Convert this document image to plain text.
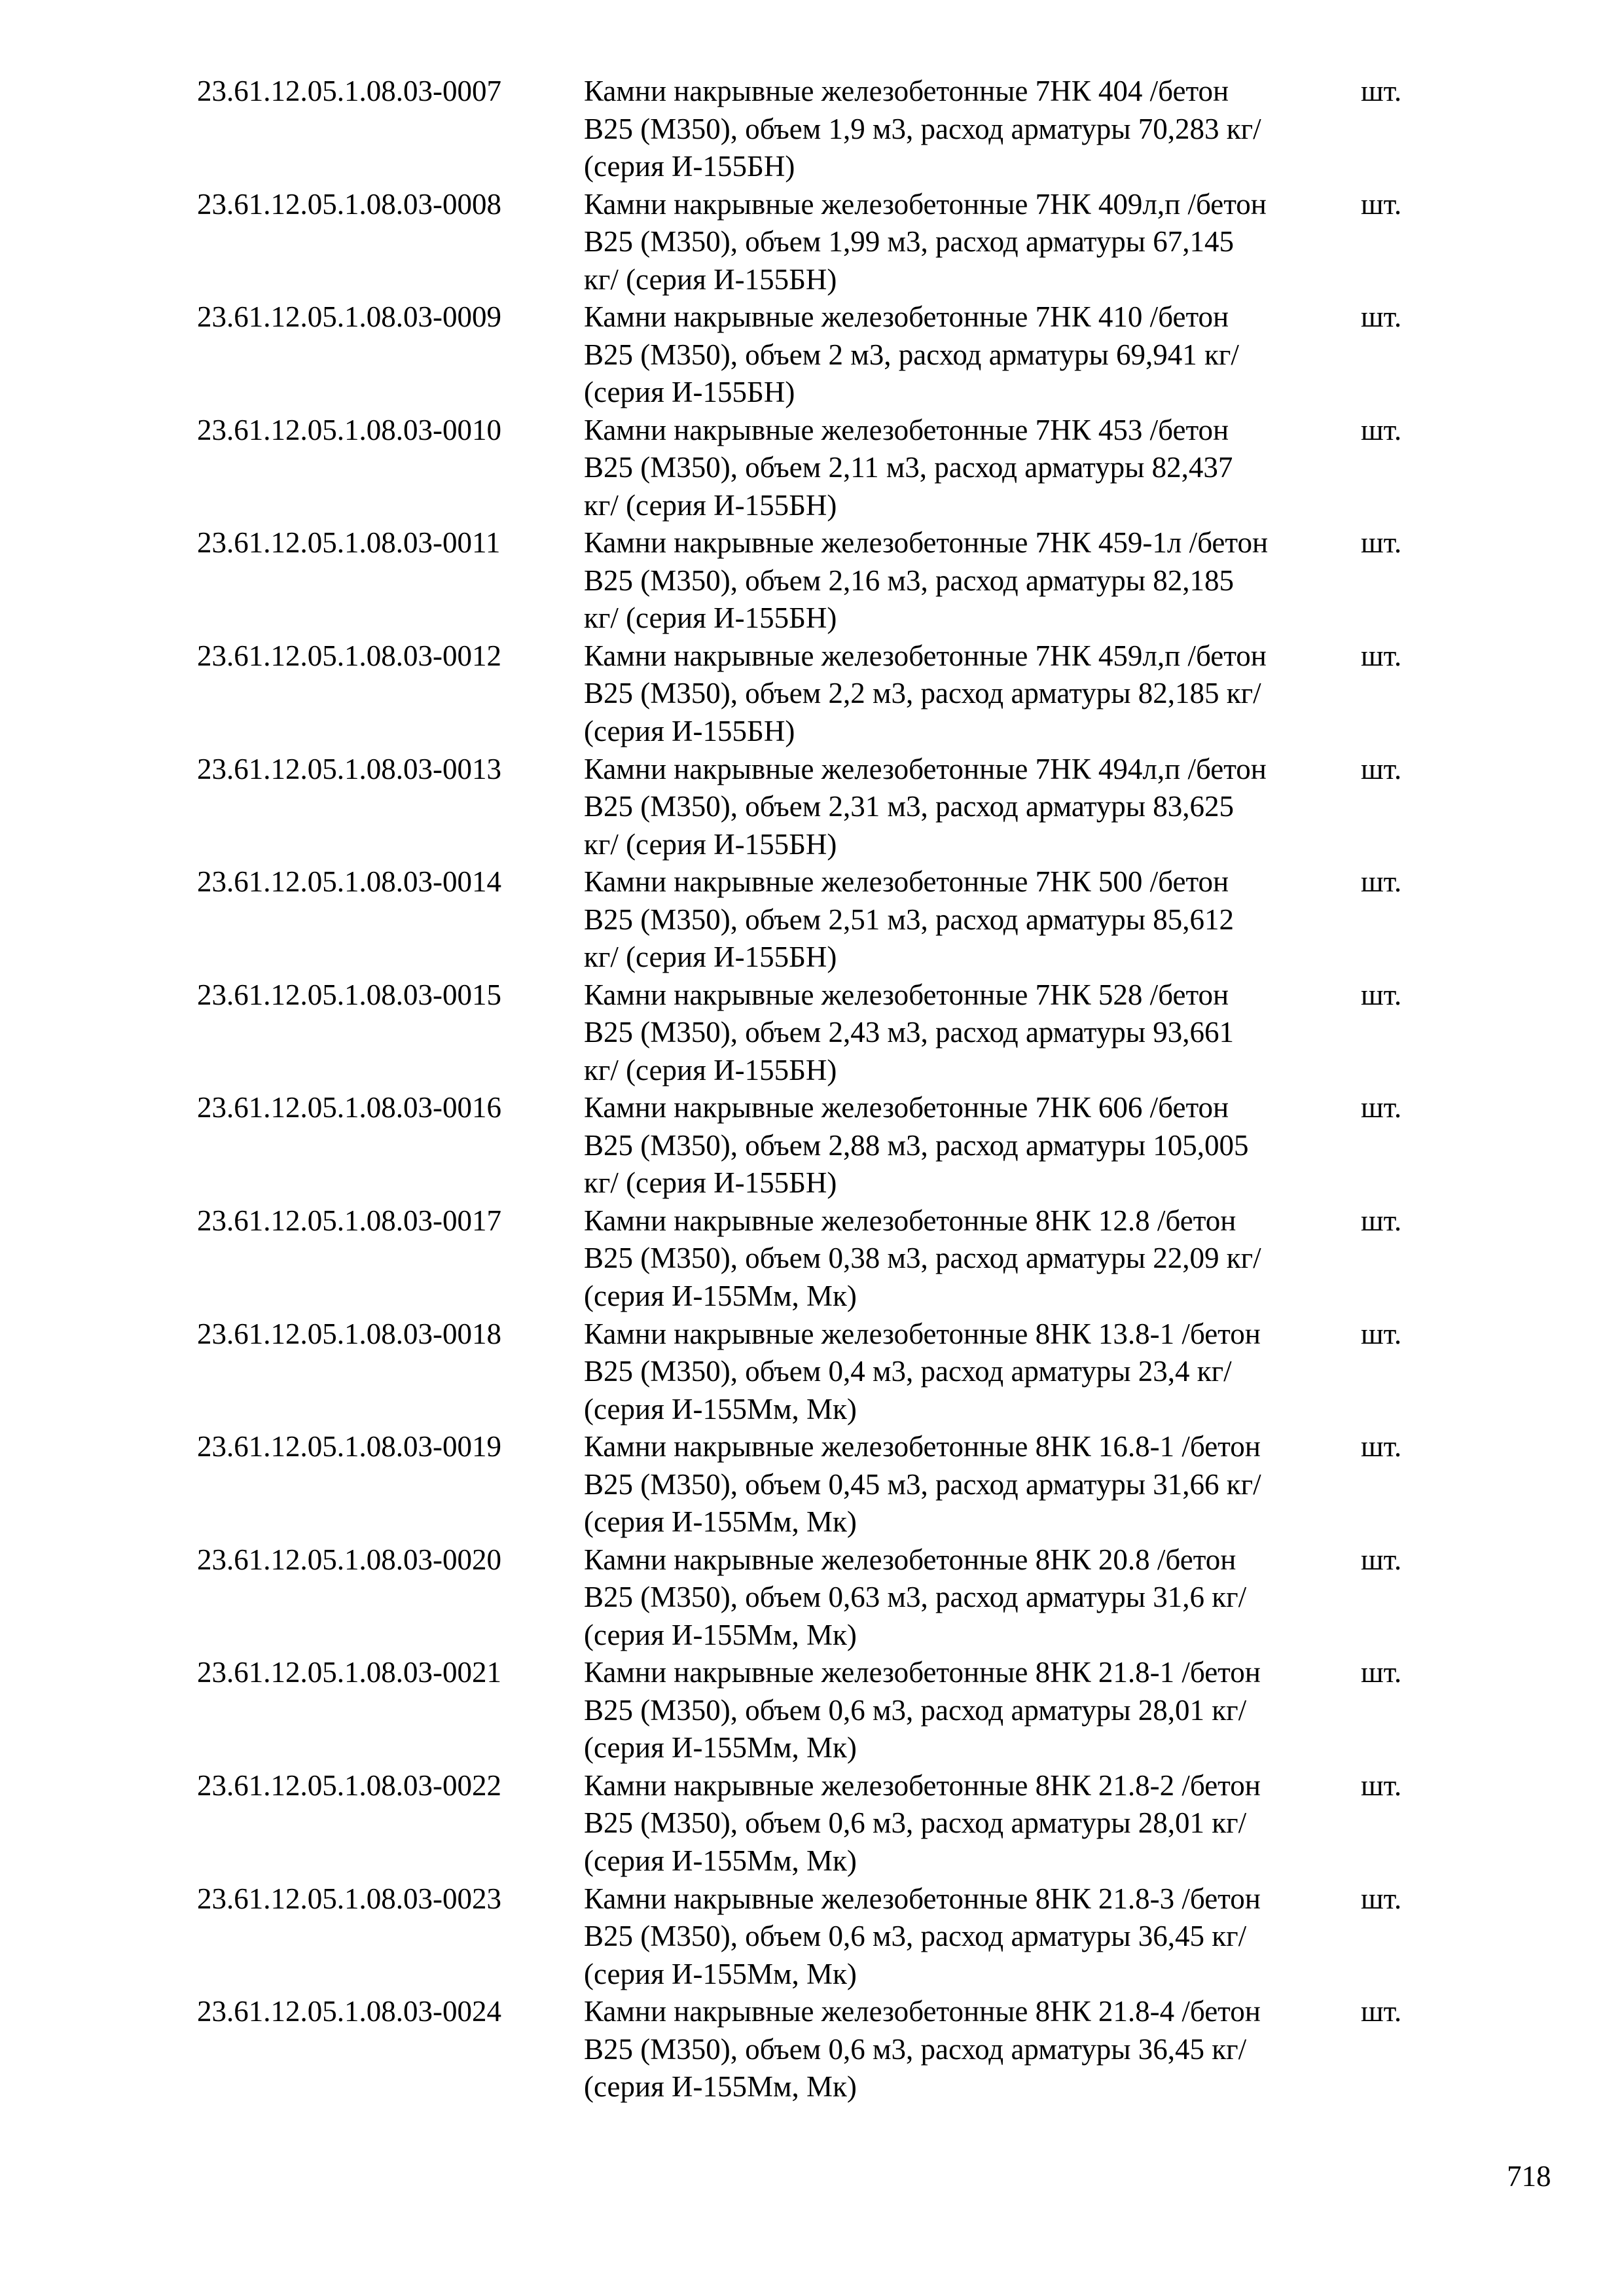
23.61.12.05.1.08.03-0007	Камни накрывные железобетонные 7НК 404 /бетон
В25 (М350), объем 1,9 м3, расход арматуры 70,283 кг/
(серия И-155БН)
шт.
23.61.12.05.1.08.03-0008	Камни накрывные железобетонные 7НК 409л,п /бетон
В25 (М350), объем 1,99 м3, расход арматуры 67,145
кг/ (серия И-155БН)
шт.
23.61.12.05.1.08.03-0009	Камни накрывные железобетонные 7НК 410 /бетон
В25 (М350), объем 2 м3, расход арматуры 69,941 кг/
(серия И-155БН)
шт.
23.61.12.05.1.08.03-0010	Камни накрывные железобетонные 7НК 453 /бетон
В25 (М350), объем 2,11 м3, расход арматуры 82,437
кг/ (серия И-155БН)
шт.
23.61.12.05.1.08.03-0011	Камни накрывные железобетонные 7НК 459-1л /бетон
В25 (М350), объем 2,16 м3, расход арматуры 82,185
кг/ (серия И-155БН)
шт.
23.61.12.05.1.08.03-0012	Камни накрывные железобетонные 7НК 459л,п /бетон
В25 (М350), объем 2,2 м3, расход арматуры 82,185 кг/
(серия И-155БН)
шт.
23.61.12.05.1.08.03-0013	Камни накрывные железобетонные 7НК 494л,п /бетон
В25 (М350), объем 2,31 м3, расход арматуры 83,625
кг/ (серия И-155БН)
шт.
23.61.12.05.1.08.03-0014	Камни накрывные железобетонные 7НК 500 /бетон
В25 (М350), объем 2,51 м3, расход арматуры 85,612
кг/ (серия И-155БН)
шт.
23.61.12.05.1.08.03-0015	Камни накрывные железобетонные 7НК 528 /бетон
В25 (М350), объем 2,43 м3, расход арматуры 93,661
кг/ (серия И-155БН)
шт.
23.61.12.05.1.08.03-0016	Камни накрывные железобетонные 7НК 606 /бетон
В25 (М350), объем 2,88 м3, расход арматуры 105,005
кг/ (серия И-155БН)
шт.
23.61.12.05.1.08.03-0017	Камни накрывные железобетонные 8НК 12.8 /бетон
В25 (М350), объем 0,38 м3, расход арматуры 22,09 кг/
(серия И-155Мм, Мк)
шт.
23.61.12.05.1.08.03-0018	Камни накрывные железобетонные 8НК 13.8-1 /бетон
В25 (М350), объем 0,4 м3, расход арматуры 23,4 кг/
(серия И-155Мм, Мк)
шт.
23.61.12.05.1.08.03-0019	Камни накрывные железобетонные 8НК 16.8-1 /бетон
В25 (М350), объем 0,45 м3, расход арматуры 31,66 кг/
(серия И-155Мм, Мк)
шт.
23.61.12.05.1.08.03-0020	Камни накрывные железобетонные 8НК 20.8 /бетон
В25 (М350), объем 0,63 м3, расход арматуры 31,6 кг/
(серия И-155Мм, Мк)
шт.
23.61.12.05.1.08.03-0021	Камни накрывные железобетонные 8НК 21.8-1 /бетон
В25 (М350), объем 0,6 м3, расход арматуры 28,01 кг/
(серия И-155Мм, Мк)
шт.
23.61.12.05.1.08.03-0022	Камни накрывные железобетонные 8НК 21.8-2 /бетон
В25 (М350), объем 0,6 м3, расход арматуры 28,01 кг/
(серия И-155Мм, Мк)
шт.
23.61.12.05.1.08.03-0023	Камни накрывные железобетонные 8НК 21.8-3 /бетон
В25 (М350), объем 0,6 м3, расход арматуры 36,45 кг/
(серия И-155Мм, Мк)
шт.
23.61.12.05.1.08.03-0024	Камни накрывные железобетонные 8НК 21.8-4 /бетон
В25 (М350), объем 0,6 м3, расход арматуры 36,45 кг/
(серия И-155Мм, Мк)
шт.
718
